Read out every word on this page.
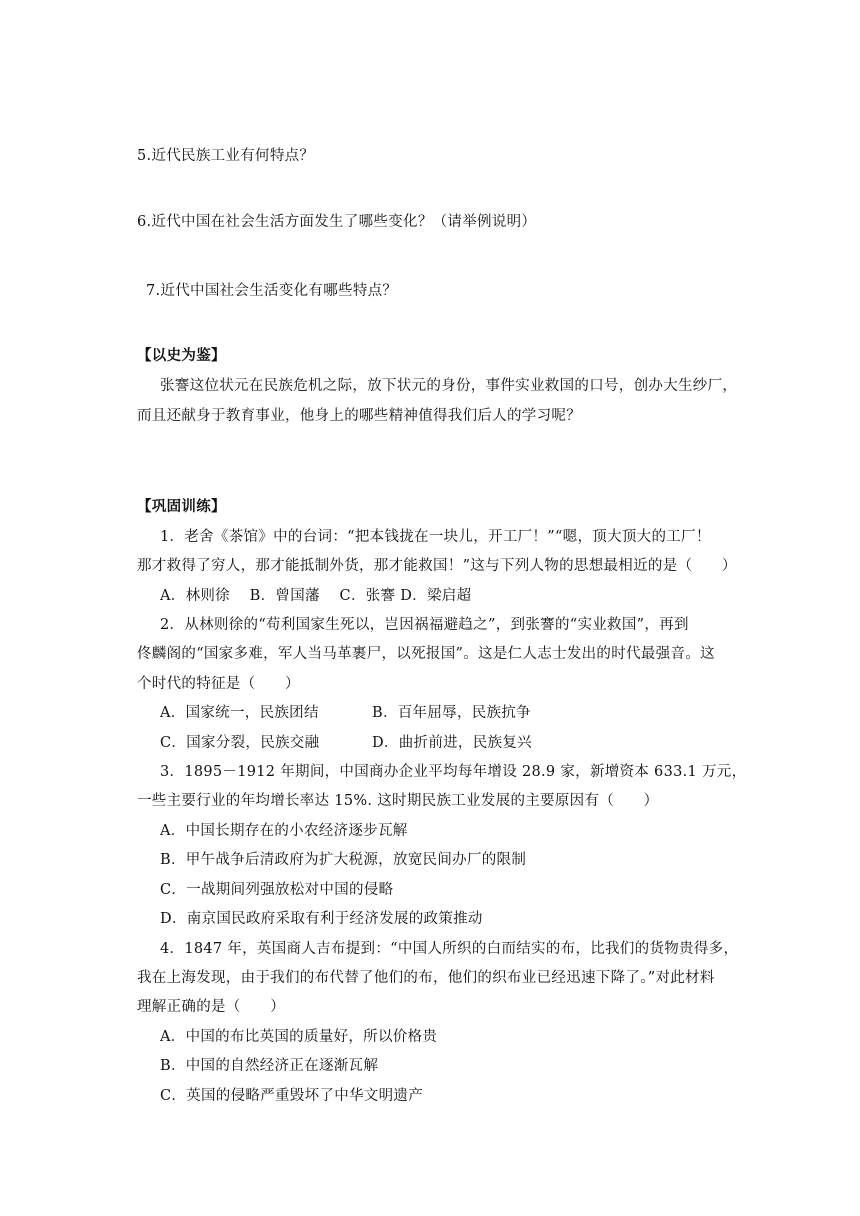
5.近代民族工业有何特点？
6.近代中国在社会生活方面发生了哪些变化？（请举例说明）
7.近代中国社会生活变化有哪些特点？
【以史为鉴】
张謇这位状元在民族危机之际，放下状元的身份，事件实业救国的口号，创办大生纱厂，
而且还献身于教育事业，他身上的哪些精神值得我们后人的学习呢？
【巩固训练】
1．老舍《茶馆》中的台词：“把本钱拢在一块儿，开工厂！”“嗯，顶大顶大的工厂！
那才救得了穷人，那才能抵制外货，那才能救国！”这与下列人物的思想最相近的是（　　）
A．林则徐　 B．曾国藩　 C．张謇 D．梁启超
2．从林则徐的“苟利国家生死以，岂因祸福避趋之”，到张謇的“实业救国”，再到
佟麟阁的“国家多难，军人当马革裹尸，以死报国”。这是仁人志士发出的时代最强音。这
个时代的特征是（　　）
A．国家统一，民族团结	B．百年屈辱，民族抗争
C．国家分裂，民族交融	D．曲折前进，民族复兴
3．1895－1912 年期间，中国商办企业平均每年增设 28.9 家，新增资本 633.1 万元，
一些主要行业的年均增长率达 15%. 这时期民族工业发展的主要原因有（　　）
A．中国长期存在的小农经济逐步瓦解
B．甲午战争后清政府为扩大税源，放宽民间办厂的限制
C．一战期间列强放松对中国的侵略
D．南京国民政府采取有利于经济发展的政策推动
4．1847 年，英国商人吉布提到：“中国人所织的白而结实的布，比我们的货物贵得多，
我在上海发现，由于我们的布代替了他们的布，他们的织布业已经迅速下降了。”对此材料
理解正确的是（　　）
A．中国的布比英国的质量好，所以价格贵
B．中国的自然经济正在逐渐瓦解
C．英国的侵略严重毁坏了中华文明遗产
